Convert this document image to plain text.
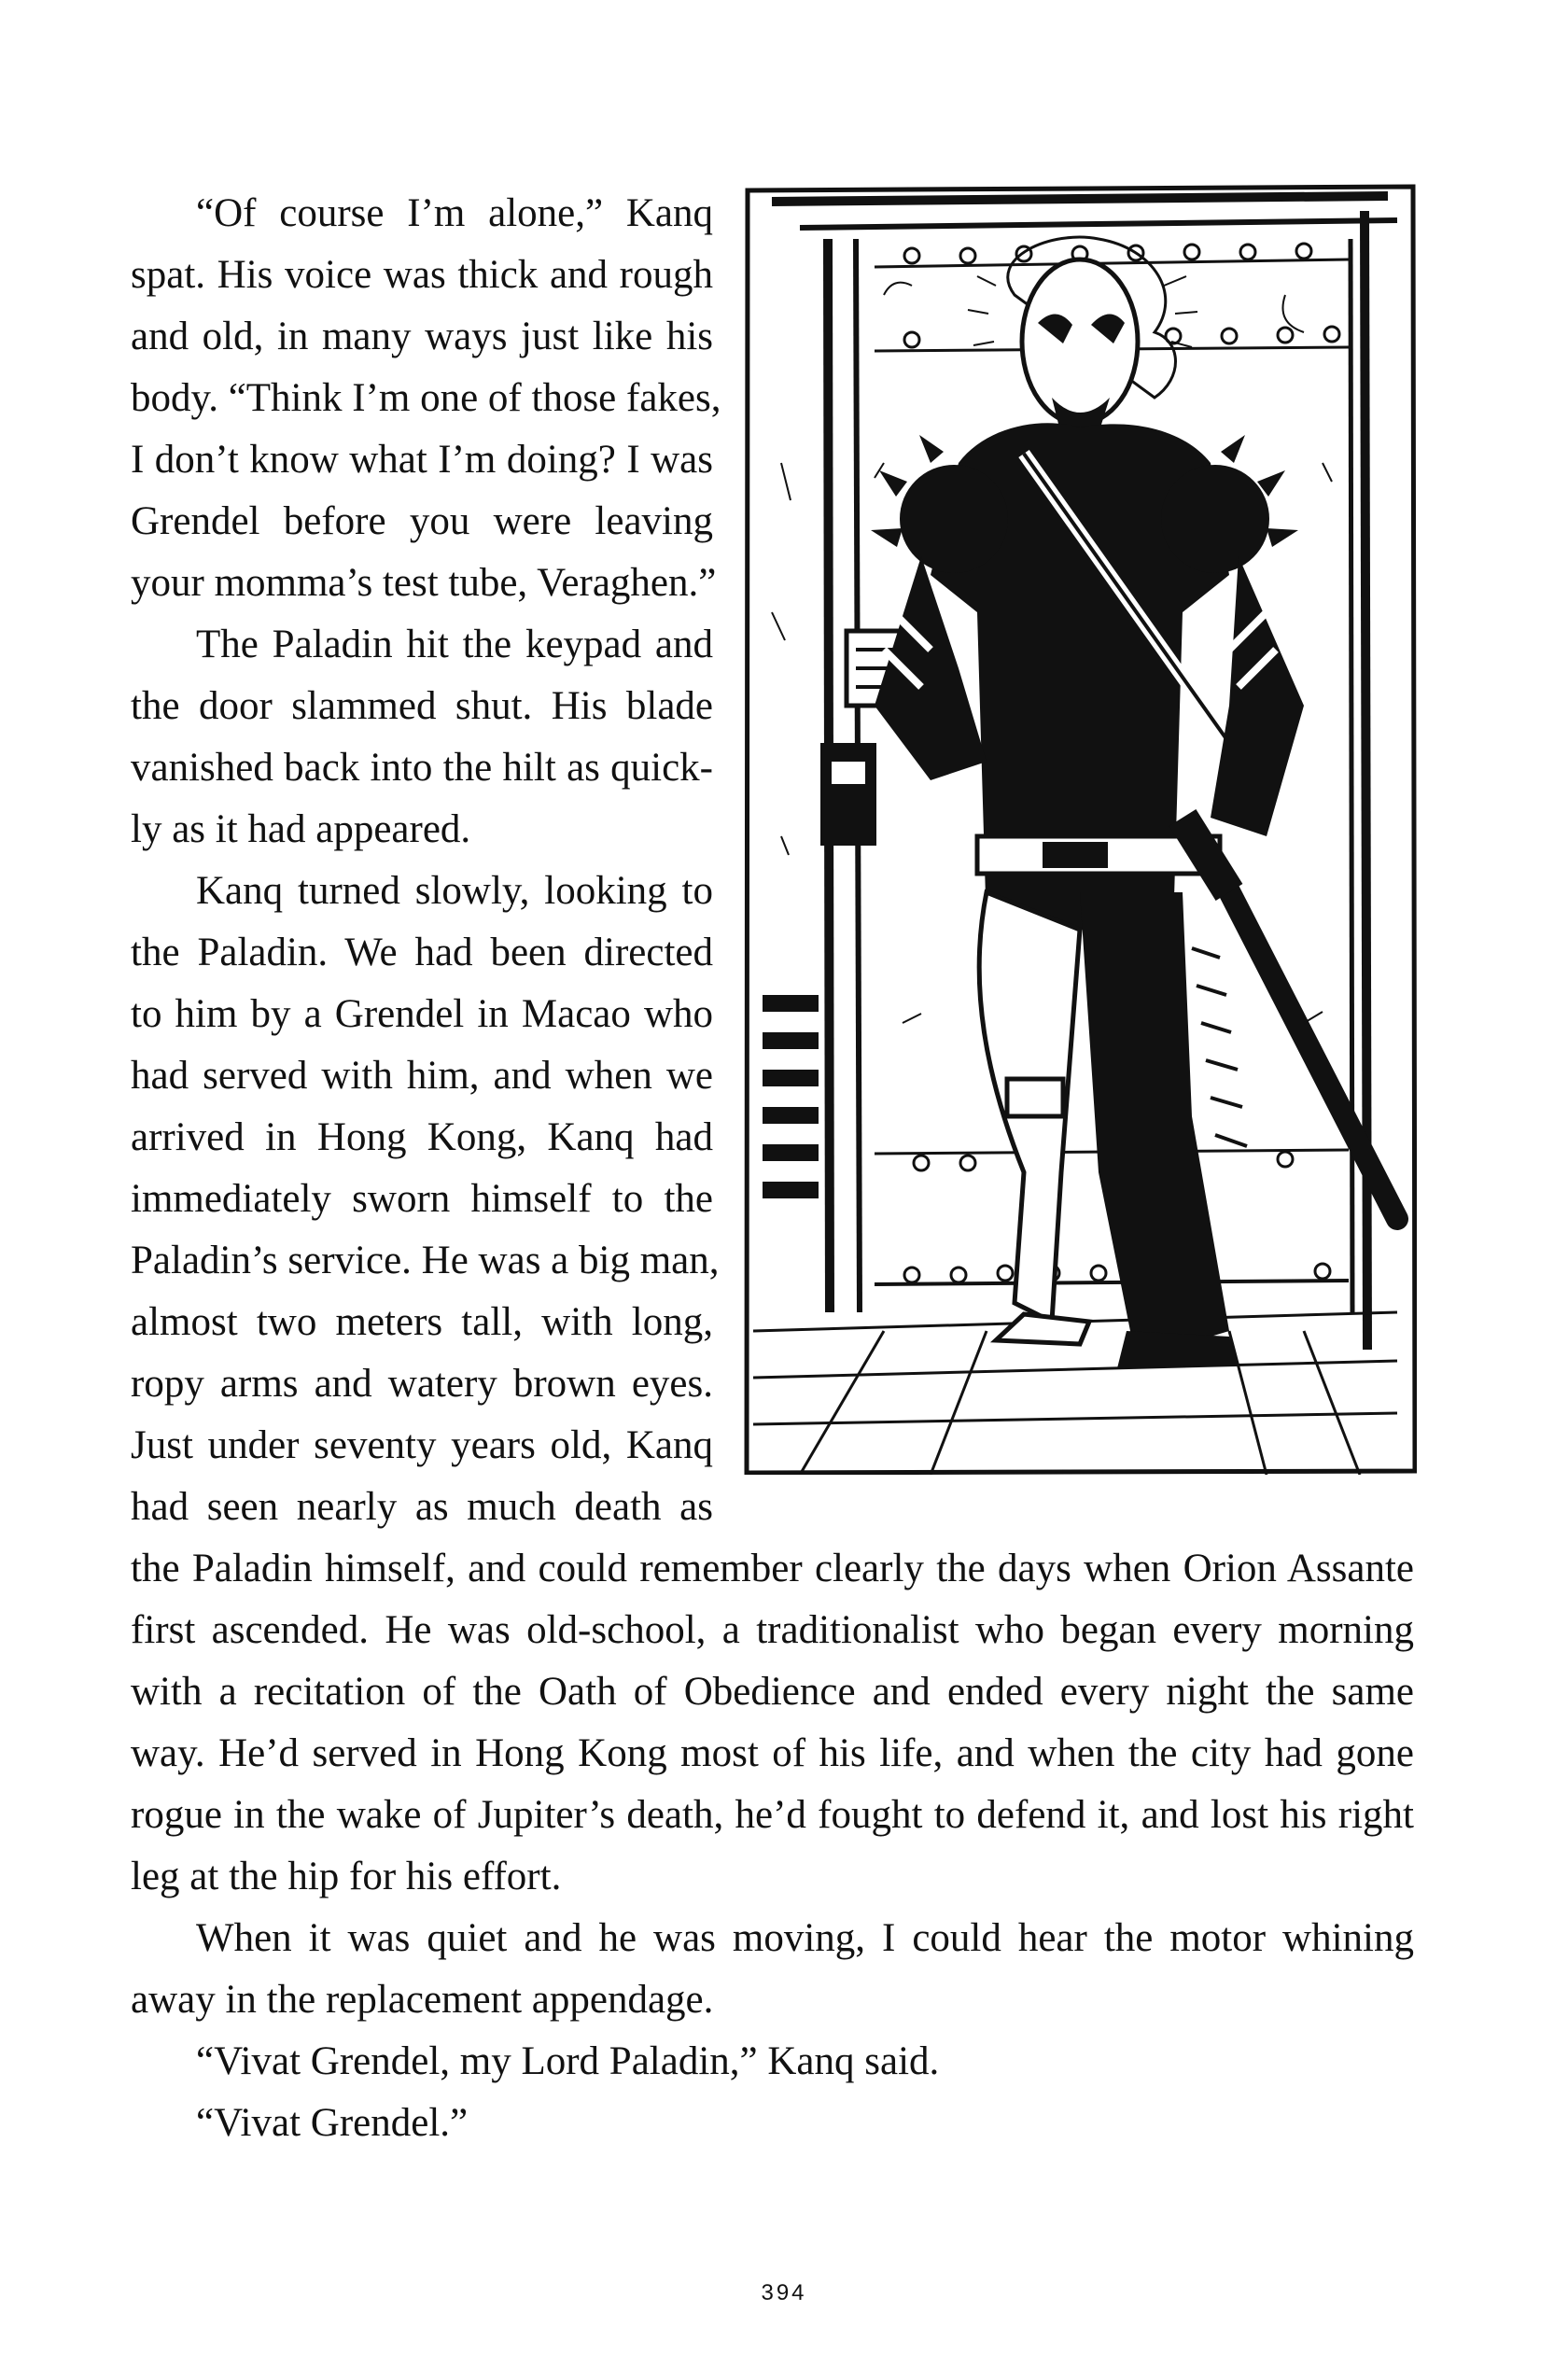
“Of course I’m alone,” Kanq
spat. His voice was thick and rough
and old, in many ways just like his
body. “Think I’m one of those fakes,
I don’t know what I’m doing? I was
Grendel before you were leaving
your momma’s test tube, Veraghen.”
The Paladin hit the keypad and
the door slammed shut. His blade
vanished back into the hilt as quick-
ly as it had appeared.
Kanq turned slowly, looking to
the Paladin. We had been directed
to him by a Grendel in Macao who
had served with him, and when we
arrived in Hong Kong, Kanq had
immediately sworn himself to the
Paladin’s service. He was a big man,
almost two meters tall, with long,
ropy arms and watery brown eyes.
Just under seventy years old, Kanq
had seen nearly as much death as
the Paladin himself, and could remember clearly the days when Orion Assante
first ascended. He was old-school, a traditionalist who began every morning
with a recitation of the Oath of Obedience and ended every night the same
way. He’d served in Hong Kong most of his life, and when the city had gone
rogue in the wake of Jupiter’s death, he’d fought to defend it, and lost his right
leg at the hip for his effort.
When it was quiet and he was moving, I could hear the motor whining
away in the replacement appendage.
“Vivat Grendel, my Lord Paladin,” Kanq said.
“Vivat Grendel.”
394
